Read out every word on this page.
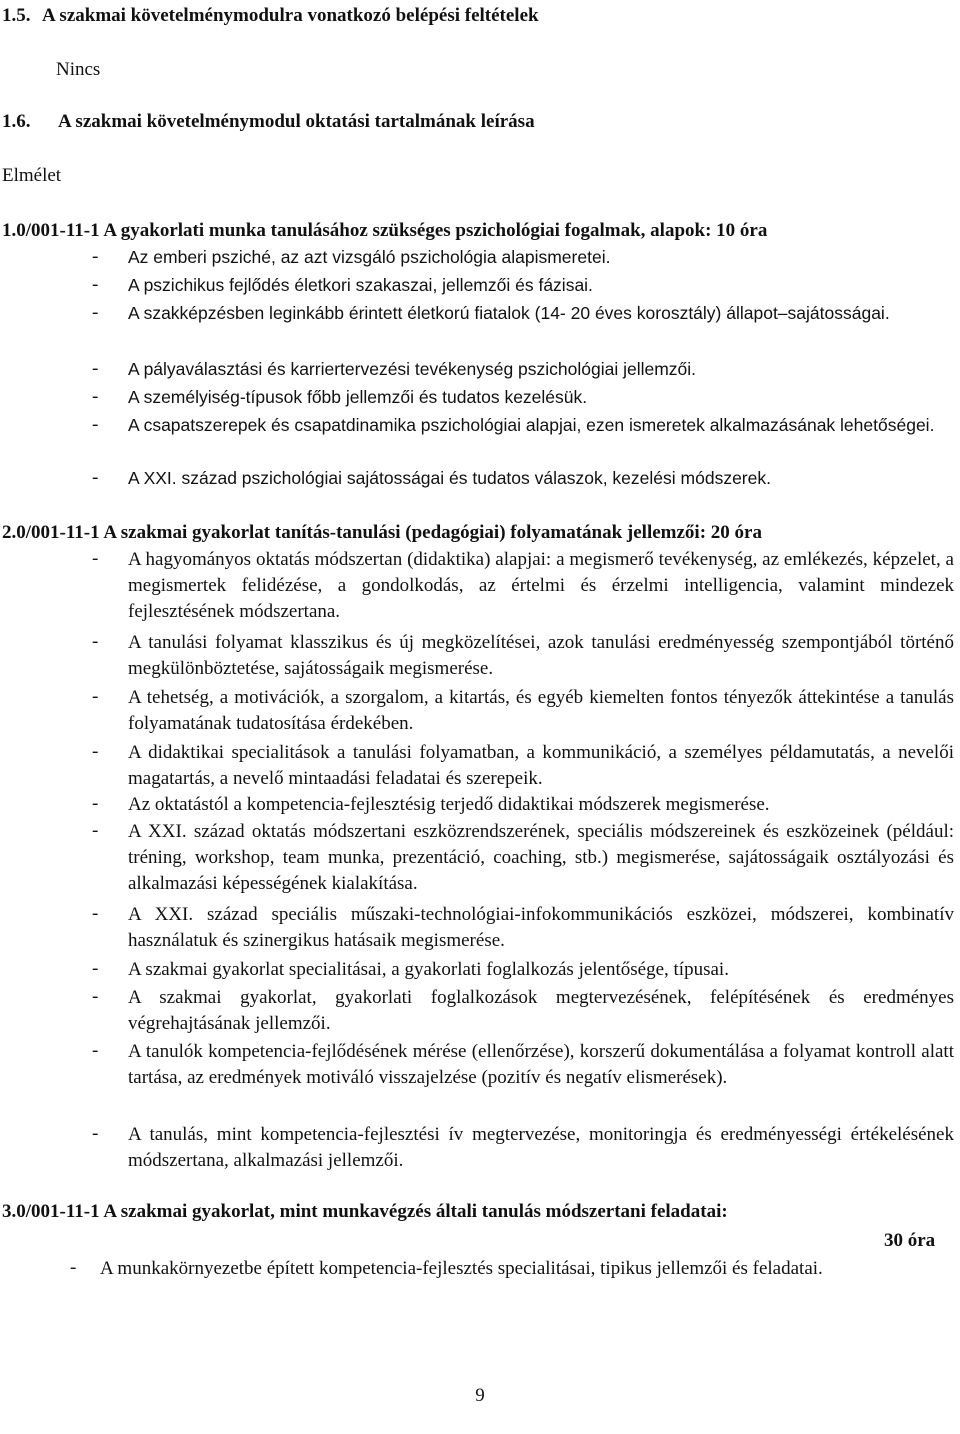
1.5. A szakmai követelménymodulra vonatkozó belépési feltételek
Nincs
1.6. A szakmai követelménymodul oktatási tartalmának leírása
Elmélet
1.0/001-11-1 A gyakorlati munka tanulásához szükséges pszichológiai fogalmak, alapok: 10 óra
- Az emberi psziché, az azt vizsgáló pszichológia alapismeretei.
- A pszichikus fejlődés életkori szakaszai, jellemzői és fázisai.
- A szakképzésben leginkább érintett életkorú fiatalok (14- 20 éves korosztály) állapot–sajátosságai.
- A pályaválasztási és karriertervezési tevékenység pszichológiai jellemzői.
- A személyiség-típusok főbb jellemzői és tudatos kezelésük.
- A csapatszerepek és csapatdinamika pszichológiai alapjai, ezen ismeretek alkalmazásának lehetőségei.
- A XXI. század pszichológiai sajátosságai és tudatos válaszok, kezelési módszerek.
2.0/001-11-1 A szakmai gyakorlat tanítás-tanulási (pedagógiai) folyamatának jellemzői: 20 óra
- A hagyományos oktatás módszertan (didaktika) alapjai: a megismerő tevékenység, az emlékezés, képzelet, a megismertek felidézése, a gondolkodás, az értelmi és érzelmi intelligencia, valamint mindezek fejlesztésének módszertana.
- A tanulási folyamat klasszikus és új megközelítései, azok tanulási eredményesség szempontjából történő megkülönböztetése, sajátosságaik megismerése.
- A tehetség, a motivációk, a szorgalom, a kitartás, és egyéb kiemelten fontos tényezők áttekintése a tanulás folyamatának tudatosítása érdekében.
- A didaktikai specialitások a tanulási folyamatban, a kommunikáció, a személyes példamutatás, a nevelői magatartás, a nevelő mintaadási feladatai és szerepeik.
- Az oktatástól a kompetencia-fejlesztésig terjedő didaktikai módszerek megismerése.
- A XXI. század oktatás módszertani eszközrendszerének, speciális módszereinek és eszközeinek (például: tréning, workshop, team munka, prezentáció, coaching, stb.) megismerése, sajátosságaik osztályozási és alkalmazási képességének kialakítása.
- A XXI. század speciális műszaki-technológiai-infokommunikációs eszközei, módszerei, kombinatív használatuk és szinergikus hatásaik megismerése.
- A szakmai gyakorlat specialitásai, a gyakorlati foglalkozás jelentősége, típusai.
- A szakmai gyakorlat, gyakorlati foglalkozások megtervezésének, felépítésének és eredményes végrehajtásának jellemzői.
- A tanulók kompetencia-fejlődésének mérése (ellenőrzése), korszerű dokumentálása a folyamat kontroll alatt tartása, az eredmények motiváló visszajelzése (pozitív és negatív elismerések).
- A tanulás, mint kompetencia-fejlesztési ív megtervezése, monitoringja és eredményességi értékelésének módszertana, alkalmazási jellemzői.
3.0/001-11-1 A szakmai gyakorlat, mint munkavégzés általi tanulás módszertani feladatai:
30 óra
- A munkakörnyezetbe épített kompetencia-fejlesztés specialitásai, tipikus jellemzői és feladatai.
9
